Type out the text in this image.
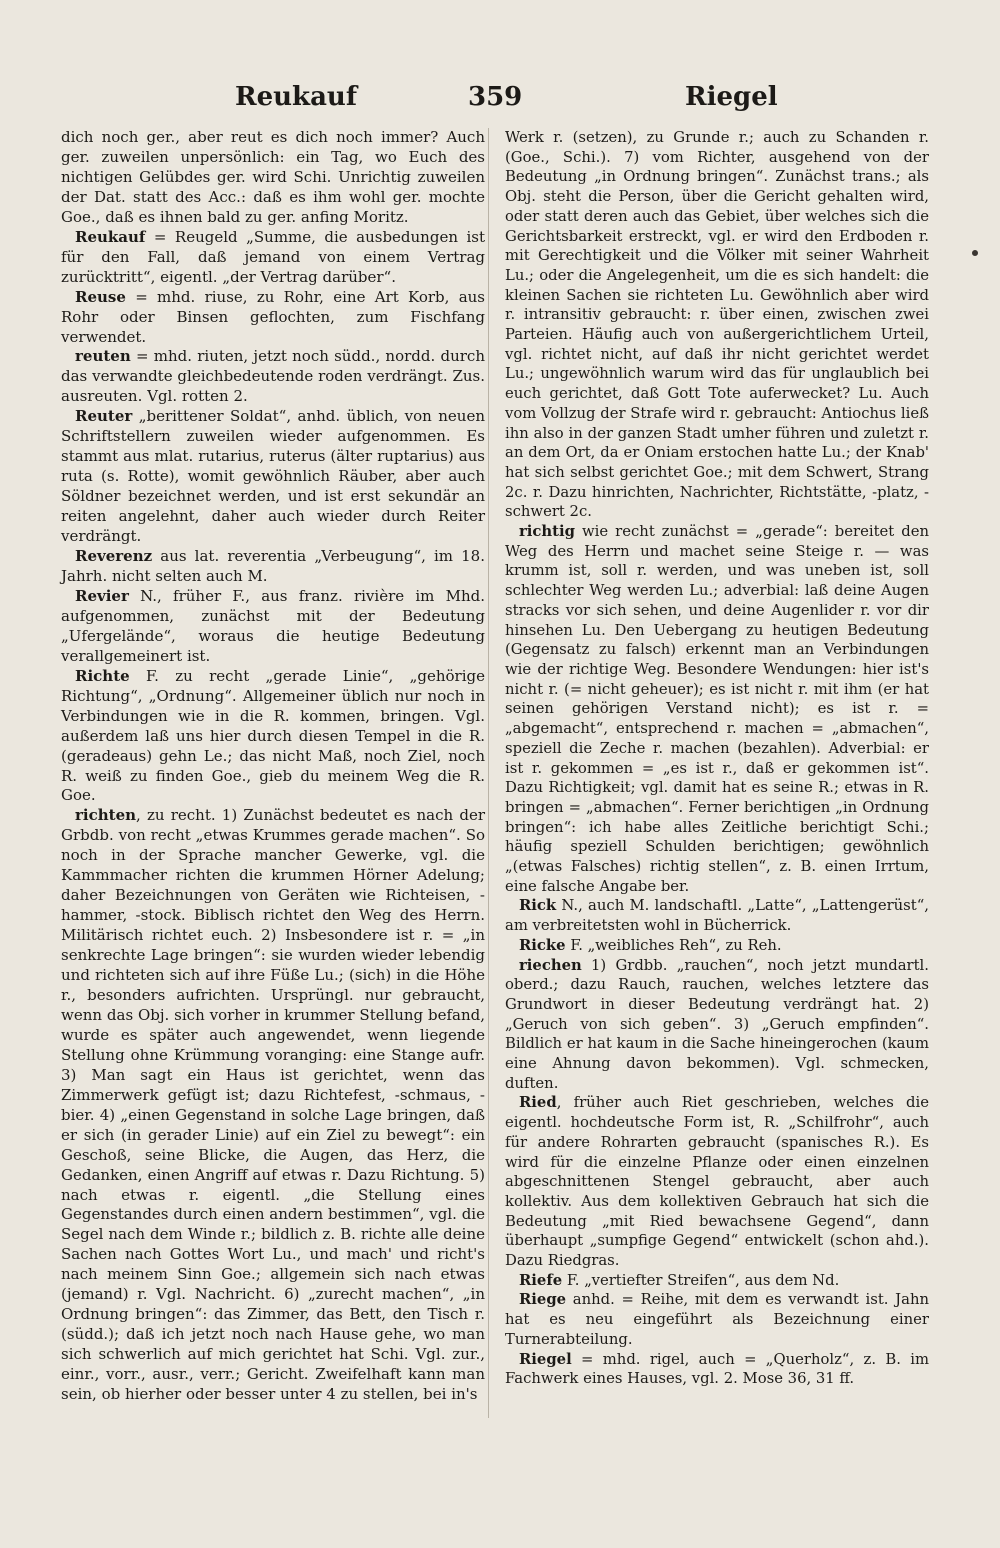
Reukauf	359	Riegel

dich noch ger., aber reut es dich noch immer? Auch ger. zuweilen unpersönlich: ein Tag, wo Euch des nichtigen Gelübdes ger. wird Schi. Unrichtig zuweilen der Dat. statt des Acc.: daß es ihm wohl ger. mochte Goe., daß es ihnen bald zu ger. anfing Moritz.

Reukauf = Reugeld „Summe, die ausbedungen ist für den Fall, daß jemand von einem Vertrag zurücktritt“, eigentl. „der Vertrag darüber“.

Reuse = mhd. riuse, zu Rohr, eine Art Korb, aus Rohr oder Binsen geflochten, zum Fischfang verwendet.

reuten = mhd. riuten, jetzt noch südd., nordd. durch das verwandte gleichbedeutende roden verdrängt. Zus. ausreuten. Vgl. rotten 2.

Reuter „berittener Soldat“, anhd. üblich, von neuen Schriftstellern zuweilen wieder aufgenommen. Es stammt aus mlat. rutarius, ruterus (älter ruptarius) aus ruta (s. Rotte), womit gewöhnlich Räuber, aber auch Söldner bezeichnet werden, und ist erst sekundär an reiten angelehnt, daher auch wieder durch Reiter verdrängt.

Reverenz aus lat. reverentia „Verbeugung“, im 18. Jahrh. nicht selten auch M.

Revier N., früher F., aus franz. rivière im Mhd. aufgenommen, zunächst mit der Bedeutung „Ufergelände“, woraus die heutige Bedeutung verallgemeinert ist.

Richte F. zu recht „gerade Linie“, „gehörige Richtung“, „Ordnung“. Allgemeiner üblich nur noch in Verbindungen wie in die R. kommen, bringen. Vgl. außerdem laß uns hier durch diesen Tempel in die R. (geradeaus) gehn Le.; das nicht Maß, noch Ziel, noch R. weiß zu finden Goe., gieb du meinem Weg die R. Goe.

richten, zu recht. 1) Zunächst bedeutet es nach der Grbdb. von recht „etwas Krummes gerade machen“. So noch in der Sprache mancher Gewerke, vgl. die Kammmacher richten die krummen Hörner Adelung; daher Bezeichnungen von Geräten wie Richteisen, -hammer, -stock. Biblisch richtet den Weg des Herrn. Militärisch richtet euch. 2) Insbesondere ist r. = „in senkrechte Lage bringen“: sie wurden wieder lebendig und richteten sich auf ihre Füße Lu.; (sich) in die Höhe r., besonders aufrichten. Ursprüngl. nur gebraucht, wenn das Obj. sich vorher in krummer Stellung befand, wurde es später auch angewendet, wenn liegende Stellung ohne Krümmung voranging: eine Stange aufr. 3) Man sagt ein Haus ist gerichtet, wenn das Zimmerwerk gefügt ist; dazu Richtefest, -schmaus, -bier. 4) „einen Gegenstand in solche Lage bringen, daß er sich (in gerader Linie) auf ein Ziel zu bewegt“: ein Geschoß, seine Blicke, die Augen, das Herz, die Gedanken, einen Angriff auf etwas r. Dazu Richtung. 5) nach etwas r. eigentl. „die Stellung eines Gegenstandes durch einen andern bestimmen“, vgl. die Segel nach dem Winde r.; bildlich z. B. richte alle deine Sachen nach Gottes Wort Lu., und mach' und richt's nach meinem Sinn Goe.; allgemein sich nach etwas (jemand) r. Vgl. Nachricht. 6) „zurecht machen“, „in Ordnung bringen“: das Zimmer, das Bett, den Tisch r. (südd.); daß ich jetzt noch nach Hause gehe, wo man sich schwerlich auf mich gerichtet hat Schi. Vgl. zur., einr., vorr., ausr., verr.; Gericht. Zweifelhaft kann man sein, ob hierher oder besser unter 4 zu stellen, bei in's

Werk r. (setzen), zu Grunde r.; auch zu Schanden r. (Goe., Schi.). 7) vom Richter, ausgehend von der Bedeutung „in Ordnung bringen“. Zunächst trans.; als Obj. steht die Person, über die Gericht gehalten wird, oder statt deren auch das Gebiet, über welches sich die Gerichtsbarkeit erstreckt, vgl. er wird den Erdboden r. mit Gerechtigkeit und die Völker mit seiner Wahrheit Lu.; oder die Angelegenheit, um die es sich handelt: die kleinen Sachen sie richteten Lu. Gewöhnlich aber wird r. intransitiv gebraucht: r. über einen, zwischen zwei Parteien. Häufig auch von außergerichtlichem Urteil, vgl. richtet nicht, auf daß ihr nicht gerichtet werdet Lu.; ungewöhnlich warum wird das für unglaublich bei euch gerichtet, daß Gott Tote auferwecket? Lu. Auch vom Vollzug der Strafe wird r. gebraucht: Antiochus ließ ihn also in der ganzen Stadt umher führen und zuletzt r. an dem Ort, da er Oniam erstochen hatte Lu.; der Knab' hat sich selbst gerichtet Goe.; mit dem Schwert, Strang 2c. r. Dazu hinrichten, Nachrichter, Richtstätte, -platz, -schwert 2c.

richtig wie recht zunächst = „gerade“: bereitet den Weg des Herrn und machet seine Steige r. — was krumm ist, soll r. werden, und was uneben ist, soll schlechter Weg werden Lu.; adverbial: laß deine Augen stracks vor sich sehen, und deine Augenlider r. vor dir hinsehen Lu. Den Uebergang zu heutigen Bedeutung (Gegensatz zu falsch) erkennt man an Verbindungen wie der richtige Weg. Besondere Wendungen: hier ist's nicht r. (= nicht geheuer); es ist nicht r. mit ihm (er hat seinen gehörigen Verstand nicht); es ist r. = „abgemacht“, entsprechend r. machen = „abmachen“, speziell die Zeche r. machen (bezahlen). Adverbial: er ist r. gekommen = „es ist r., daß er gekommen ist“. Dazu Richtigkeit; vgl. damit hat es seine R.; etwas in R. bringen = „abmachen“. Ferner berichtigen „in Ordnung bringen“: ich habe alles Zeitliche berichtigt Schi.; häufig speziell Schulden berichtigen; gewöhnlich „(etwas Falsches) richtig stellen“, z. B. einen Irrtum, eine falsche Angabe ber.

Rick N., auch M. landschaftl. „Latte“, „Lattengerüst“, am verbreitetsten wohl in Bücherrick.

Ricke F. „weibliches Reh“, zu Reh.

riechen 1) Grdbb. „rauchen“, noch jetzt mundartl. oberd.; dazu Rauch, rauchen, welches letztere das Grundwort in dieser Bedeutung verdrängt hat. 2) „Geruch von sich geben“. 3) „Geruch empfinden“. Bildlich er hat kaum in die Sache hineingerochen (kaum eine Ahnung davon bekommen). Vgl. schmecken, duften.

Ried, früher auch Riet geschrieben, welches die eigentl. hochdeutsche Form ist, R. „Schilfrohr“, auch für andere Rohrarten gebraucht (spanisches R.). Es wird für die einzelne Pflanze oder einen einzelnen abgeschnittenen Stengel gebraucht, aber auch kollektiv. Aus dem kollektiven Gebrauch hat sich die Bedeutung „mit Ried bewachsene Gegend“, dann überhaupt „sumpfige Gegend“ entwickelt (schon ahd.). Dazu Riedgras.

Riefe F. „vertiefter Streifen“, aus dem Nd.

Riege anhd. = Reihe, mit dem es verwandt ist. Jahn hat es neu eingeführt als Bezeichnung einer Turnerabteilung.

Riegel = mhd. rigel, auch = „Querholz“, z. B. im Fachwerk eines Hauses, vgl. 2. Mose 36, 31 ff.
